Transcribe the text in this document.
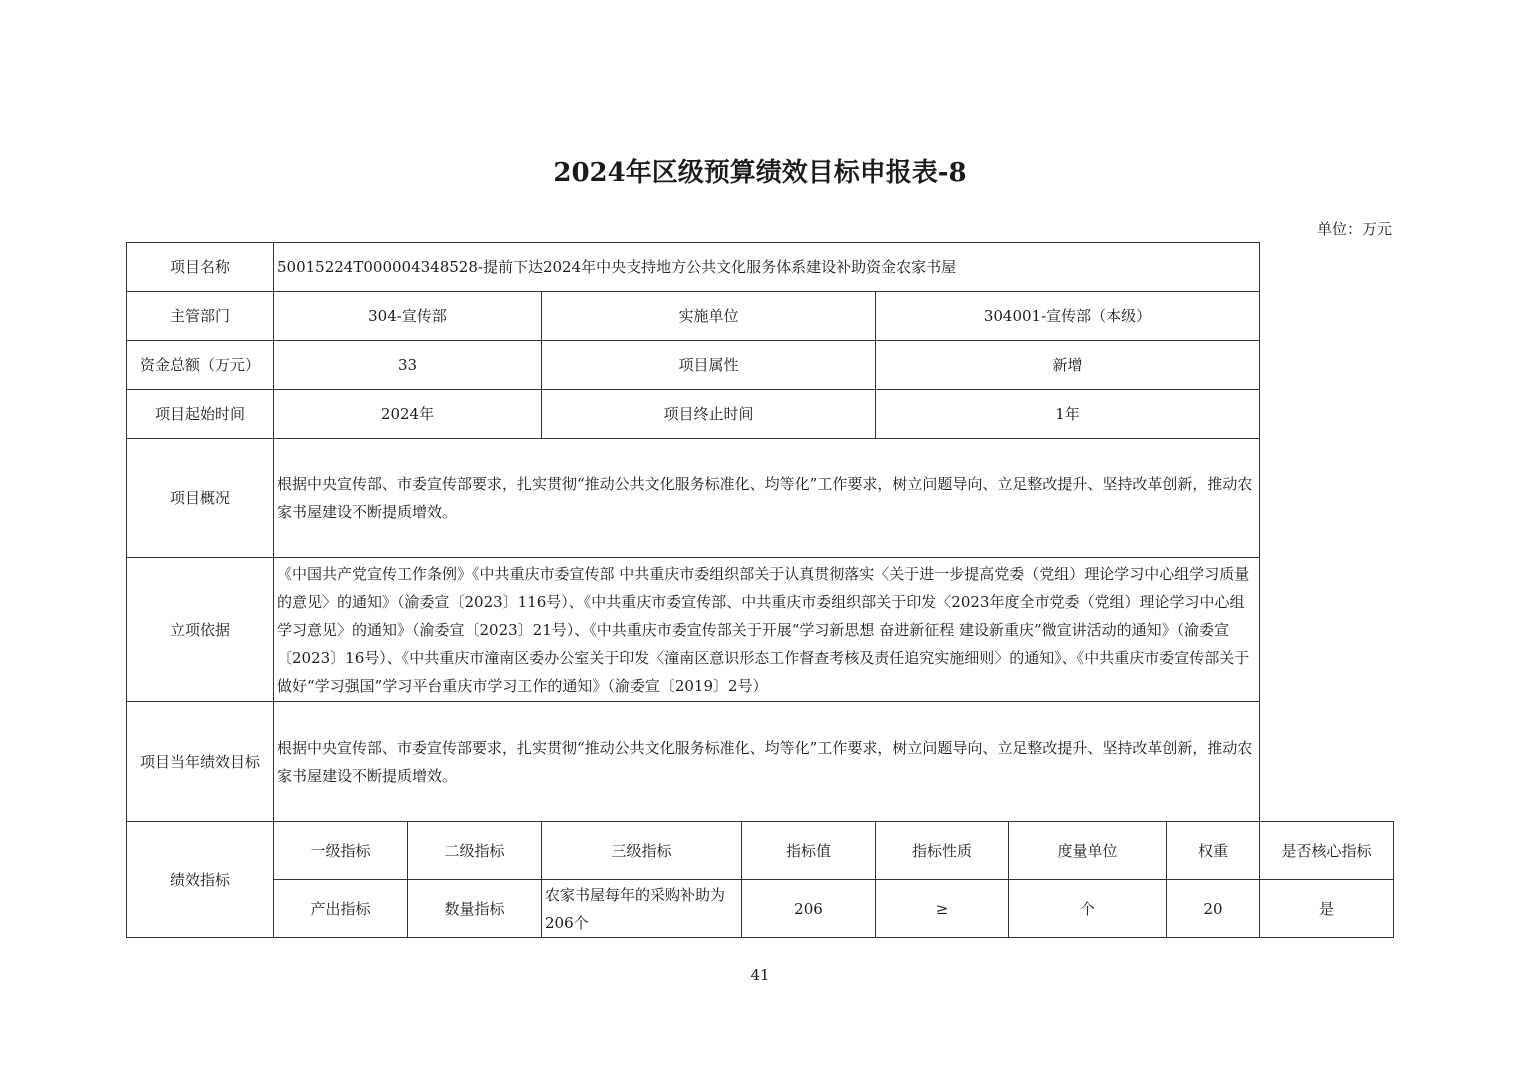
2024年区级预算绩效目标申报表-8
单位：万元
项目名称	50015224T000004348528-提前下达2024年中央支持地方公共文化服务体系建设补助资金农家书屋							
主管部门	304-宣传部		实施单位		304001-宣传部（本级）			
资金总额（万元）	33		项目属性		新增			
项目起始时间	2024年		项目终止时间		1年			
项目概况	根据中央宣传部、市委宣传部要求，扎实贯彻“推动公共文化服务标准化、均等化”工作要求，树立问题导向、立足整改提升、坚持改革创新，推动农家书屋建设不断提质增效。							
立项依据	《中国共产党宣传工作条例》《中共重庆市委宣传部 中共重庆市委组织部关于认真贯彻落实〈关于进一步提高党委（党组）理论学习中心组学习质量的意见〉的通知》（渝委宣〔2023〕116号）、《中共重庆市委宣传部、中共重庆市委组织部关于印发〈2023年度全市党委（党组）理论学习中心组学习意见〉的通知》（渝委宣〔2023〕21号）、《中共重庆市委宣传部关于开展“学习新思想 奋进新征程 建设新重庆”微宣讲活动的通知》（渝委宣〔2023〕16号）、《中共重庆市潼南区委办公室关于印发〈潼南区意识形态工作督查考核及责任追究实施细则〉的通知》、《中共重庆市委宣传部关于做好“学习强国”学习平台重庆市学习工作的通知》（渝委宣〔2019〕2号）							
项目当年绩效目标	根据中央宣传部、市委宣传部要求，扎实贯彻“推动公共文化服务标准化、均等化”工作要求，树立问题导向、立足整改提升、坚持改革创新，推动农家书屋建设不断提质增效。							
绩效指标	一级指标	二级指标	三级指标	指标值	指标性质	度量单位	权重	是否核心指标
	产出指标	数量指标	农家书屋每年的采购补助为206个	206	≥	个	20	是
41
